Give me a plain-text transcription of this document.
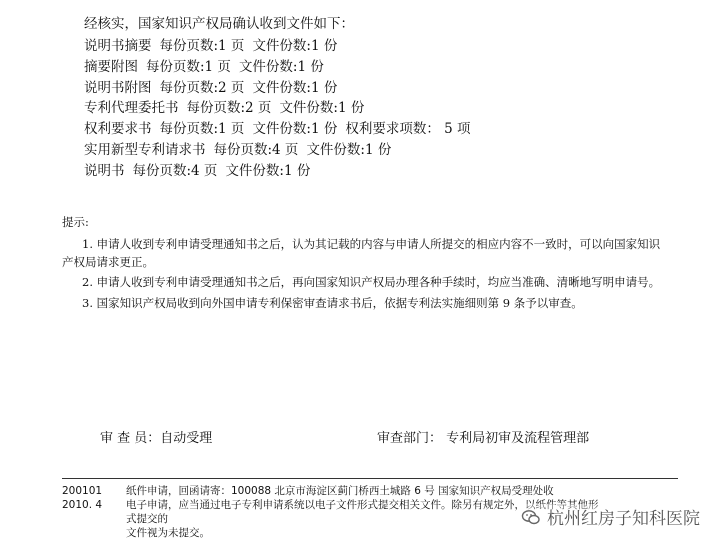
经核实，国家知识产权局确认收到文件如下：
说明书摘要 每份页数:1 页 文件份数:1 份
摘要附图 每份页数:1 页 文件份数:1 份
说明书附图 每份页数:2 页 文件份数:1 份
专利代理委托书 每份页数:2 页 文件份数:1 份
权利要求书 每份页数:1 页 文件份数:1 份 权利要求项数： 5 项
实用新型专利请求书 每份页数:4 页 文件份数:1 份
说明书 每份页数:4 页 文件份数:1 份
提示:
1. 申请人收到专利申请受理通知书之后，认为其记载的内容与申请人所提交的相应内容不一致时，可以向国家知识产权局请求更正。
2. 申请人收到专利申请受理通知书之后，再向国家知识产权局办理各种手续时，均应当准确、清晰地写明申请号。
3. 国家知识产权局收到向外国申请专利保密审查请求书后，依据专利法实施细则第 9 条予以审查。
审 查 员：自动受理	审查部门： 专利局初审及流程管理部
200101	纸件申请，回函请寄：100088 北京市海淀区蓟门桥西土城路 6 号 国家知识产权局受理处收
2010. 4	电子申请，应当通过电子专利申请系统以电子文件形式提交相关文件。除另有规定外，以纸件等其他形式提交的
文件视为未提交。
杭州红房子知科医院
